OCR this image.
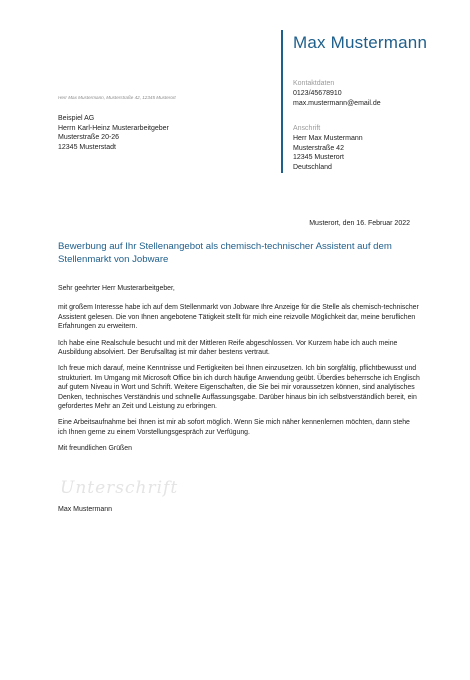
Max Mustermann
Kontaktdaten
0123/45678910
max.mustermann@email.de
Anschrift
Herr Max Mustermann
Musterstraße 42
12345 Musterort
Deutschland
Herr Max Mustermann, Musterstraße 42, 12345 Musterort
Beispiel AG
Herrn Karl-Heinz Musterarbeitgeber
Musterstraße 20-26
12345 Musterstadt
Musterort, den 16. Februar 2022
Bewerbung auf Ihr Stellenangebot als chemisch-technischer Assistent auf dem Stellenmarkt von Jobware

Sehr geehrter Herr Musterarbeitgeber,

mit großem Interesse habe ich auf dem Stellenmarkt von Jobware Ihre Anzeige für die Stelle als chemisch-technischer Assistent gelesen. Die von Ihnen angebotene Tätigkeit stellt für mich eine reizvolle Möglichkeit dar, meine beruflichen Erfahrungen zu erweitern.

Ich habe eine Realschule besucht und mit der Mittleren Reife abgeschlossen. Vor Kurzem habe ich auch meine Ausbildung absolviert. Der Berufsalltag ist mir daher bestens vertraut.

Ich freue mich darauf, meine Kenntnisse und Fertigkeiten bei Ihnen einzusetzen. Ich bin sorgfältig, pflichtbewusst und strukturiert. Im Umgang mit Microsoft Office bin ich durch häufige Anwendung geübt. Überdies beherrsche ich Englisch auf gutem Niveau in Wort und Schrift. Weitere Eigenschaften, die Sie bei mir voraussetzen können, sind analytisches Denken, technisches Verständnis und schnelle Auffassungsgabe. Darüber hinaus bin ich selbstverständlich bereit, ein gefordertes Mehr an Zeit und Leistung zu erbringen.

Eine Arbeitsaufnahme bei Ihnen ist mir ab sofort möglich. Wenn Sie mich näher kennenlernen möchten, dann stehe ich Ihnen gerne zu einem Vorstellungsgespräch zur Verfügung.

Mit freundlichen Grüßen

Unterschrift
Max Mustermann
